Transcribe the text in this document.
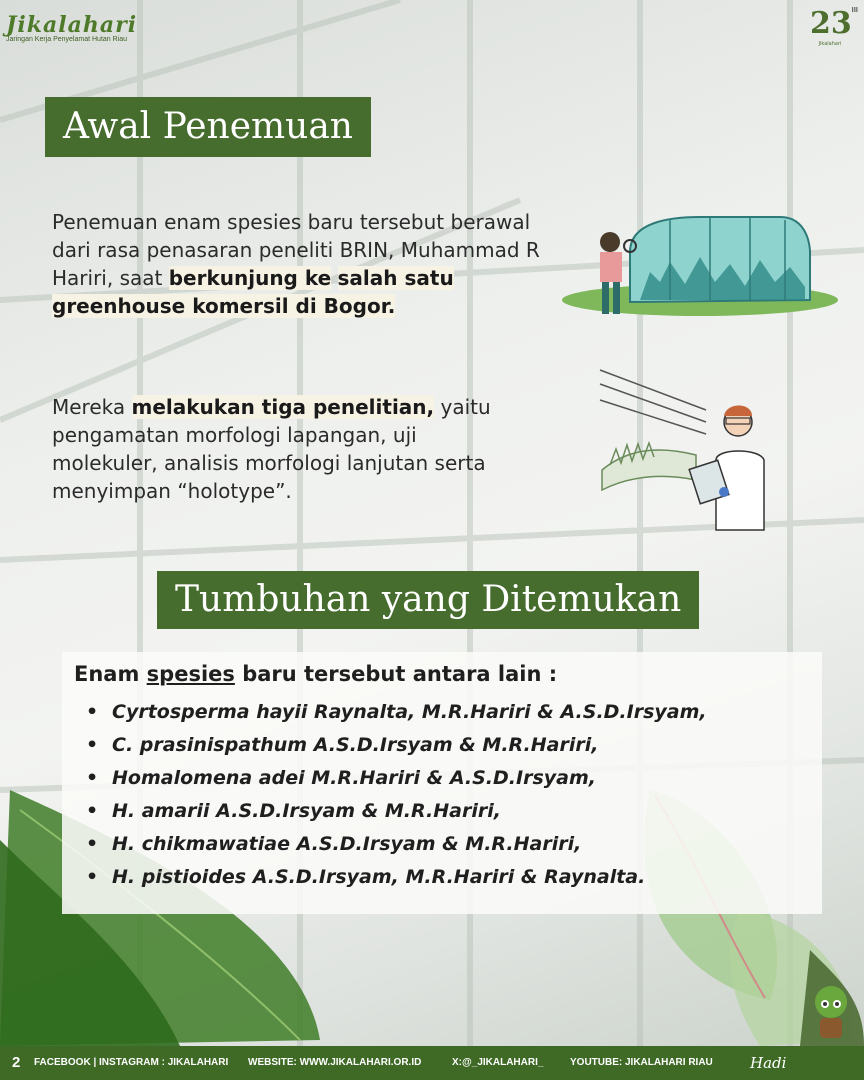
Jikalahari
Jaringan Kerja Penyelamat Hutan Riau	$23^{III}$
Jikalahari
Awal Penemuan
Penemuan enam spesies baru tersebut berawal dari rasa penasaran peneliti BRIN, Muhammad R Hariri, saat berkunjung ke salah satu greenhouse komersil di Bogor.
Mereka melakukan tiga penelitian, yaitu pengamatan morfologi lapangan, uji molekuler, analisis morfologi lanjutan serta menyimpan “holotype”.
Tumbuhan yang Ditemukan
Enam spesies baru tersebut antara lain :
• Cyrtosperma hayii Raynalta, M.R.Hariri & A.S.D.Irsyam,
• C. prasinispathum A.S.D.Irsyam & M.R.Hariri,
• Homalomena adei M.R.Hariri & A.S.D.Irsyam,
• H. amarii A.S.D.Irsyam & M.R.Hariri,
• H. chikmawatiae A.S.D.Irsyam & M.R.Hariri,
• H. pistioides A.S.D.Irsyam, M.R.Hariri & Raynalta.
2 FACEBOOK | INSTAGRAM : JIKALAHARI WEBSITE: WWW.JIKALAHARI.OR.ID	X:@_JIKALAHARI_	YOUTUBE: JIKALAHARI RIAU Hadi
